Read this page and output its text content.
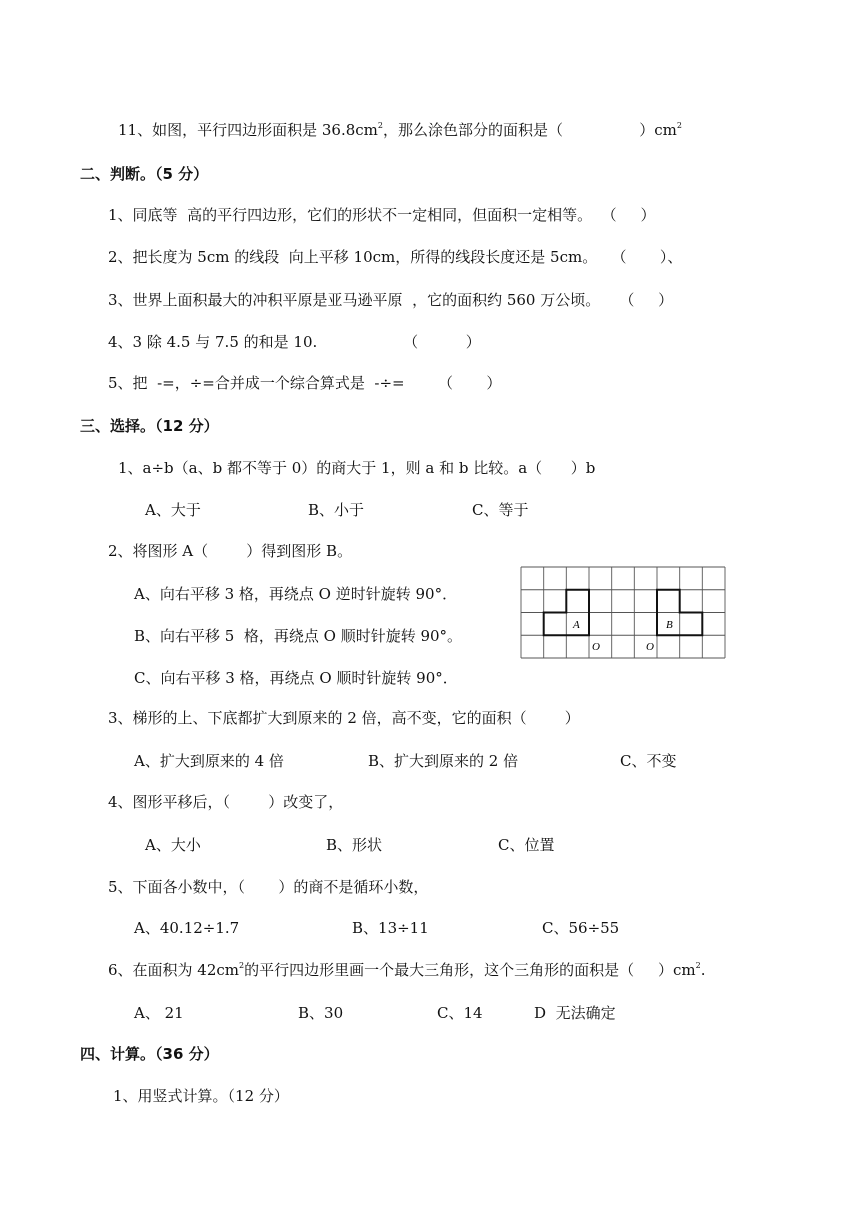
11、如图，平行四边形面积是 $36.8cm^2$，那么涂色部分的面积是（                ）$cm^2$
二、判断。（5 分）
1、同底等  高的平行四边形，它们的形状不一定相同，但面积一定相等。  （     ）
2、把长度为 5cm 的线段  向上平移 10cm，所得的线段长度还是 5cm。   （       ）、
3、世界上面积最大的冲积平原是亚马逊平原  ，它的面积约 560 万公顷。    （     ）
4、3 除 4.5 与 7.5 的和是 10.                  （          ）
5、把  -=，÷=合并成一个综合算式是  -÷=       （       ）
三、选择。（12 分）
1、a÷b（a、b 都不等于 0）的商大于 1，则 a 和 b 比较。a（      ）b
A、大于	B、小于	C、等于
2、将图形 A（        ）得到图形 B。
A、向右平移 3 格，再绕点 O 逆时针旋转 90°．
B、向右平移 5  格，再绕点 O 顺时针旋转 90°。
C、向右平移 3 格，再绕点 O 顺时针旋转 90°．
A	B
O	O
3、梯形的上、下底都扩大到原来的 2 倍，高不变，它的面积（        ）
A、扩大到原来的 4 倍	B、扩大到原来的 2 倍	C、不变
4、图形平移后，（        ）改变了，
A、大小	B、形状	C、位置
5、下面各小数中，（       ）的商不是循环小数，
A、40.12÷1.7	B、13÷11	C、56÷55
6、在面积为 $42cm^2$的平行四边形里画一个最大三角形，这个三角形的面积是（     ）$cm^2$.
A、 21	B、30	C、14	D  无法确定
四、计算。（36 分）
1、用竖式计算。（12 分）
